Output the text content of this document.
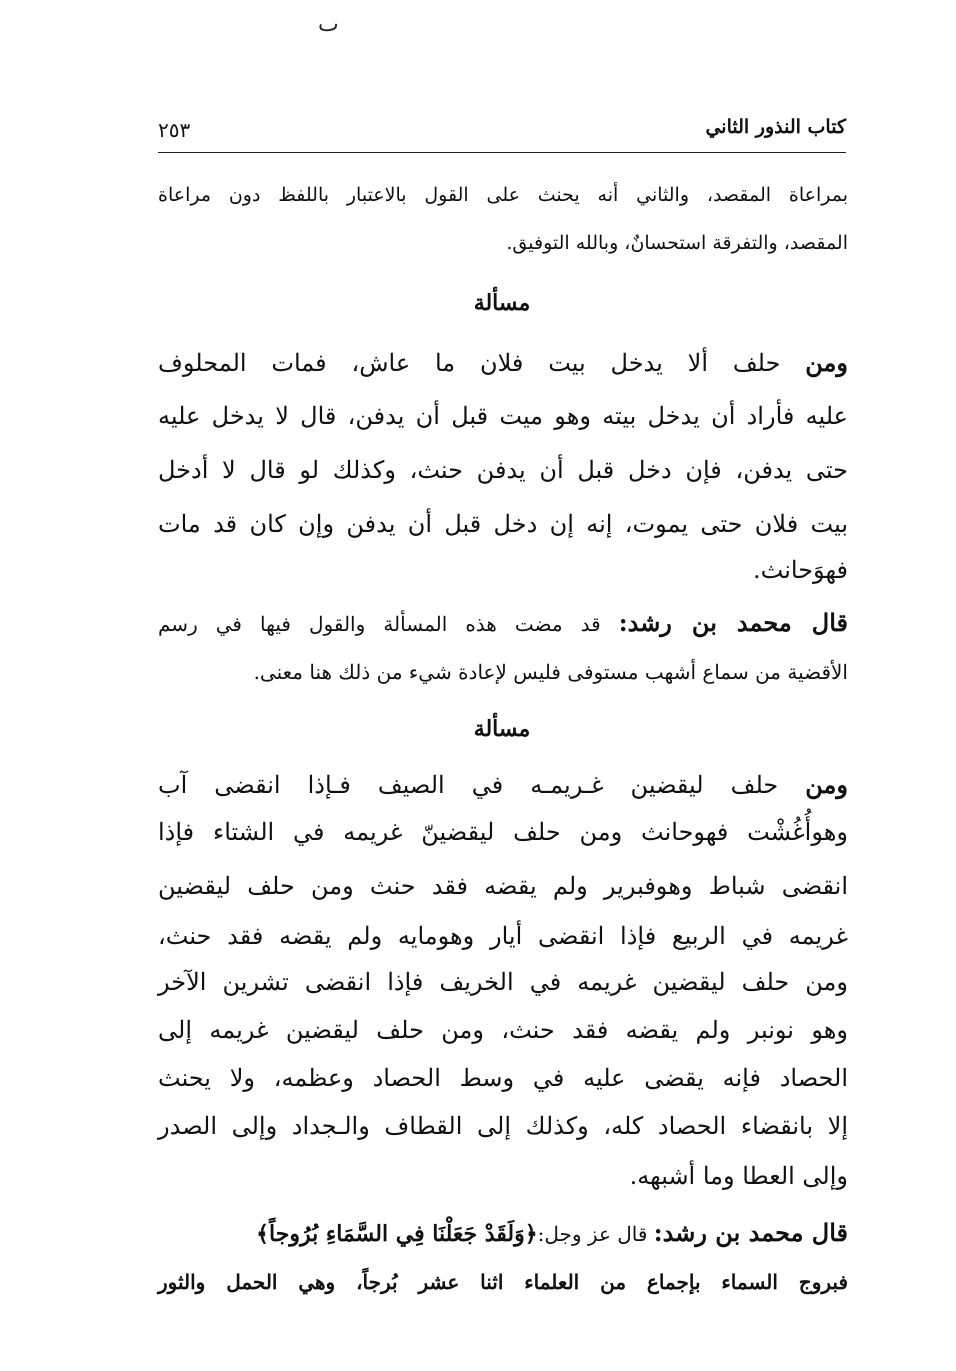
ٮ
كتاب النذور الثاني
٢٥٣
بمراعاة المقصد، والثاني أنه يحنث على القول بالاعتبار باللفظ دون مراعاة
المقصد، والتفرقة استحسانٌ، وبالله التوفيق.
مسألة
ومن حلف ألا يدخل بيت فلان ما عاش، فمات المحلوف
عليه فأراد أن يدخل بيته وهو ميت قبل أن يدفن، قال لا يدخل عليه
حتى يدفن، فإن دخل قبل أن يدفن حنث، وكذلك لو قال لا أدخل
بيت فلان حتى يموت، إنه إن دخل قبل أن يدفن وإن كان قد مات
فهوَحانث.
قال محمد بن رشد: قد مضت هذه المسألة والقول فيها في رسم
الأقضية من سماع أشهب مستوفى فليس لإعادة شيء من ذلك هنا معنى.
مسألة
ومن حلف ليقضين غـريمـه في الصيف فـإذا انقضى آب
وهوأُغُشْت فهوحانث ومن حلف ليقضينّ غريمه في الشتاء فإذا
انقضى شباط وهوفبرير ولم يقضه فقد حنث ومن حلف ليقضين
غريمه في الربيع فإذا انقضى أيار وهومايه ولم يقضه فقد حنث،
ومن حلف ليقضين غريمه في الخريف فإذا انقضى تشرين الآخر
وهو نونبر ولم يقضه فقد حنث، ومن حلف ليقضين غريمه إلى
الحصاد فإنه يقضى عليه في وسط الحصاد وعظمه، ولا يحنث
إلا بانقضاء الحصاد كله، وكذلك إلى القطاف والـجداد وإلى الصدر
وإلى العطا وما أشبهه.
قال محمد بن رشد: قال عز وجل:﴿وَلَقَدْ جَعَلْنَا فِي السَّمَاءِ بُرُوجاً﴾
فبروج السماء بإجماع من العلماء اثنا عشر بُرجاً، وهي الحمل والثور
